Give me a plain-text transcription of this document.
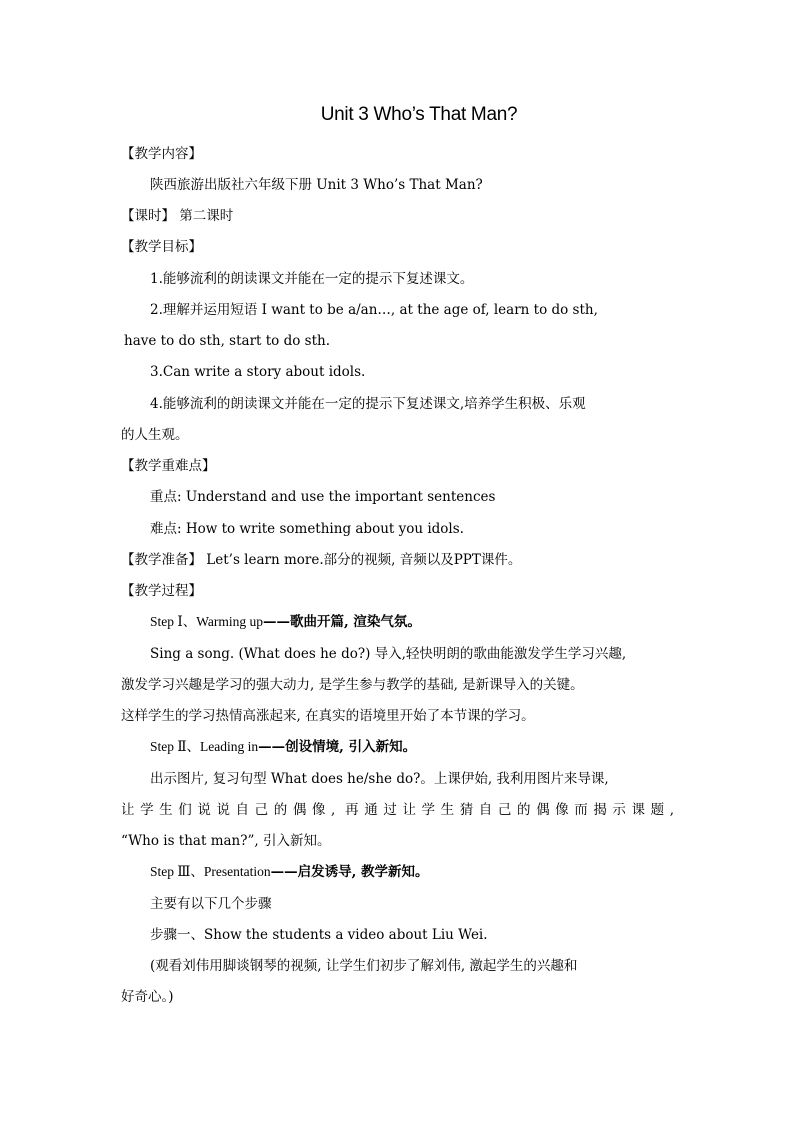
Unit 3 Who’s That Man?
【教学内容】
陕西旅游出版社六年级下册 Unit 3 Who’s That Man?
【课时】 第二课时
【教学目标】
1.能够流利的朗读课文并能在一定的提示下复述课文。
2.理解并运用短语 I want to be a/an…, at the age of, learn to do sth,
have to do sth, start to do sth.
3.Can write a story about idols.
4.能够流利的朗读课文并能在一定的提示下复述课文,培养学生积极、乐观
的人生观。
【教学重难点】
重点: Understand and use the important sentences
难点: How to write something about you idols.
【教学准备】 Let’s learn more.部分的视频, 音频以及PPT课件。
【教学过程】
Step Ⅰ、Warming up——歌曲开篇, 渲染气氛。
Sing a song. (What does he do?) 导入,轻快明朗的歌曲能激发学生学习兴趣,
激发学习兴趣是学习的强大动力, 是学生参与教学的基础, 是新课导入的关键。
这样学生的学习热情高涨起来, 在真实的语境里开始了本节课的学习。
Step Ⅱ、Leading in——创设情境, 引入新知。
出示图片, 复习句型 What does he/she do?。上课伊始, 我利用图片来导课,
让学生们说说自己的偶像, 再通过让学生猜自己的偶像而揭示课题,
“Who is that man?”, 引入新知。
Step Ⅲ、Presentation——启发诱导, 教学新知。
主要有以下几个步骤
步骤一、Show the students a video about Liu Wei.
(观看刘伟用脚谈钢琴的视频, 让学生们初步了解刘伟, 激起学生的兴趣和
好奇心。)
